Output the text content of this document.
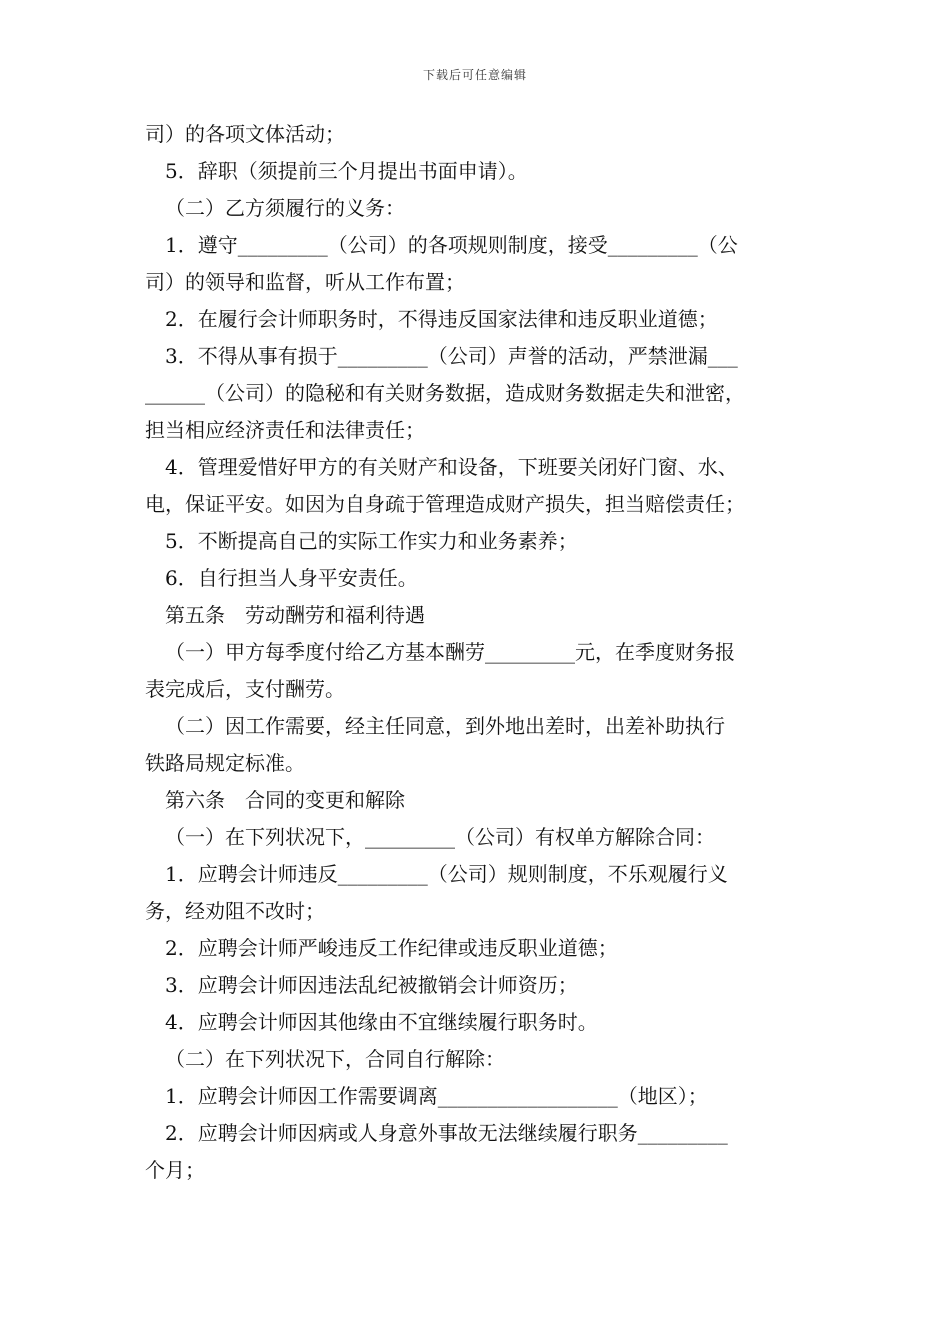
下载后可任意编辑
司）的各项文体活动；
5．辞职（须提前三个月提出书面申请）。
（二）乙方须履行的义务：
1．遵守_________（公司）的各项规则制度，接受_________（公
司）的领导和监督，听从工作布置；
2．在履行会计师职务时，不得违反国家法律和违反职业道德；
3．不得从事有损于_________（公司）声誉的活动，严禁泄漏___
______（公司）的隐秘和有关财务数据，造成财务数据走失和泄密，
担当相应经济责任和法律责任；
4．管理爱惜好甲方的有关财产和设备，下班要关闭好门窗、水、
电，保证平安。如因为自身疏于管理造成财产损失，担当赔偿责任；
5．不断提高自己的实际工作实力和业务素养；
6．自行担当人身平安责任。
第五条　劳动酬劳和福利待遇
（一）甲方每季度付给乙方基本酬劳_________元，在季度财务报
表完成后，支付酬劳。
（二）因工作需要，经主任同意，到外地出差时，出差补助执行
铁路局规定标准。
第六条　合同的变更和解除
（一）在下列状况下，_________（公司）有权单方解除合同：
1．应聘会计师违反_________（公司）规则制度，不乐观履行义
务，经劝阻不改时；
2．应聘会计师严峻违反工作纪律或违反职业道德；
3．应聘会计师因违法乱纪被撤销会计师资历；
4．应聘会计师因其他缘由不宜继续履行职务时。
（二）在下列状况下，合同自行解除：
1．应聘会计师因工作需要调离__________________（地区）；
2．应聘会计师因病或人身意外事故无法继续履行职务_________
个月；
